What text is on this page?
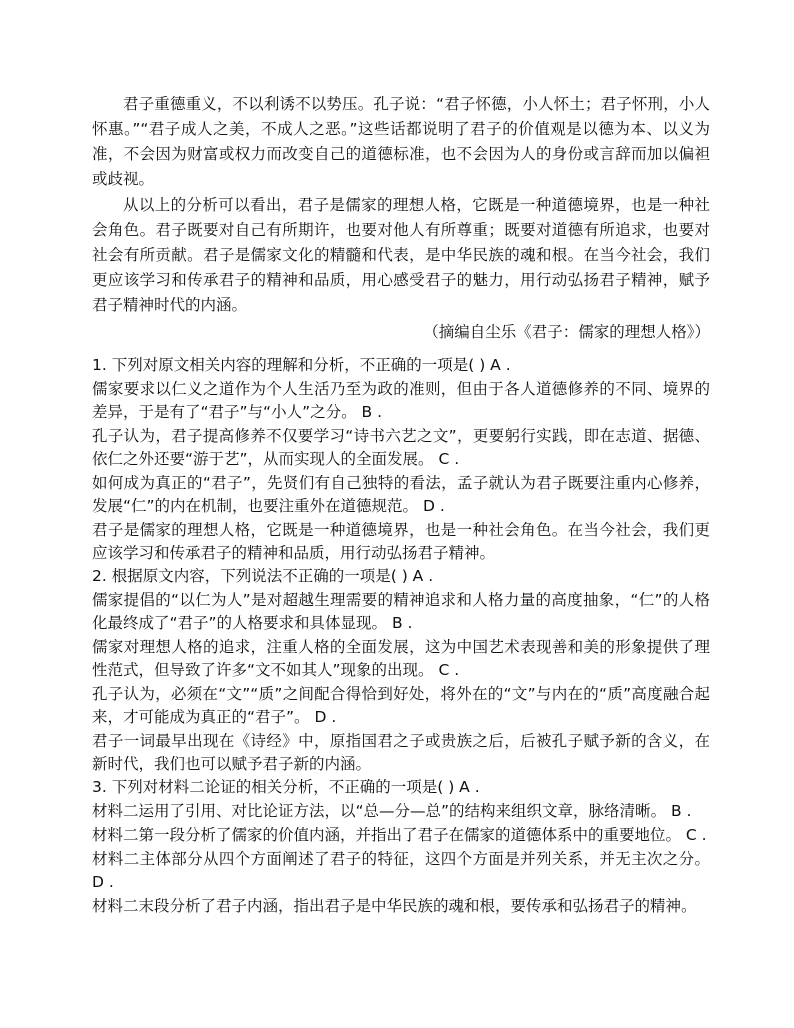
君子重德重义，不以利诱不以势压。孔子说：“君子怀德，小人怀土；君子怀刑，小人怀惠。”“君子成人之美，不成人之恶。”这些话都说明了君子的价值观是以德为本、以义为准，不会因为财富或权力而改变自己的道德标准，也不会因为人的身份或言辞而加以偏袒或歧视。

从以上的分析可以看出，君子是儒家的理想人格，它既是一种道德境界，也是一种社会角色。君子既要对自己有所期许，也要对他人有所尊重；既要对道德有所追求，也要对社会有所贡献。君子是儒家文化的精髓和代表，是中华民族的魂和根。在当今社会，我们更应该学习和传承君子的精神和品质，用心感受君子的魅力，用行动弘扬君子精神，赋予君子精神时代的内涵。

（摘编自尘乐《君子：儒家的理想人格》）

1. 下列对原文相关内容的理解和分析，不正确的一项是( ) A .

儒家要求以仁义之道作为个人生活乃至为政的准则，但由于各人道德修养的不同、境界的差异，于是有了“君子”与“小人”之分。 B .

孔子认为，君子提高修养不仅要学习“诗书六艺之文”，更要躬行实践，即在志道、据德、依仁之外还要“游于艺”，从而实现人的全面发展。 C .

如何成为真正的“君子”，先贤们有自己独特的看法，孟子就认为君子既要注重内心修养，发展“仁”的内在机制，也要注重外在道德规范。 D .

君子是儒家的理想人格，它既是一种道德境界，也是一种社会角色。在当今社会，我们更应该学习和传承君子的精神和品质，用行动弘扬君子精神。

2. 根据原文内容，下列说法不正确的一项是( ) A .

儒家提倡的“以仁为人”是对超越生理需要的精神追求和人格力量的高度抽象，“仁”的人格化最终成了“君子”的人格要求和具体显现。 B .

儒家对理想人格的追求，注重人格的全面发展，这为中国艺术表现善和美的形象提供了理性范式，但导致了许多“文不如其人”现象的出现。 C .

孔子认为，必须在“文”“质”之间配合得恰到好处，将外在的“文”与内在的“质”高度融合起来，才可能成为真正的“君子”。 D .

君子一词最早出现在《诗经》中，原指国君之子或贵族之后，后被孔子赋予新的含义，在新时代，我们也可以赋予君子新的内涵。

3. 下列对材料二论证的相关分析，不正确的一项是( ) A .

材料二运用了引用、对比论证方法，以“总—分—总”的结构来组织文章，脉络清晰。 B .

材料二第一段分析了儒家的价值内涵，并指出了君子在儒家的道德体系中的重要地位。 C .

材料二主体部分从四个方面阐述了君子的特征，这四个方面是并列关系，并无主次之分。 D .

材料二末段分析了君子内涵，指出君子是中华民族的魂和根，要传承和弘扬君子的精神。
